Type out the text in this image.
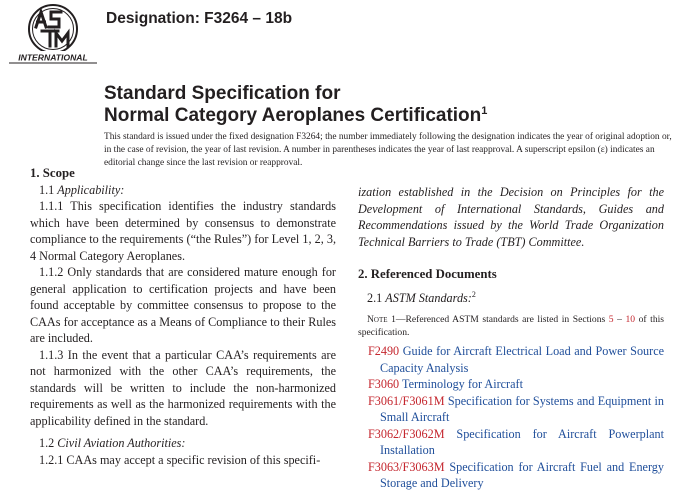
INTERNATIONAL
Designation: F3264 – 18b
Standard Specification for
Normal Category Aeroplanes Certification$^1$
This standard is issued under the fixed designation F3264; the number immediately following the designation indicates the year of original adoption or, in the case of revision, the year of last revision. A number in parentheses indicates the year of last reapproval. A superscript epsilon (ε) indicates an editorial change since the last revision or reapproval.

1. Scope

1.1 Applicability:

1.1.1 This specification identifies the industry standards which have been determined by consensus to demonstrate compliance to the requirements (“the Rules”) for Level 1, 2, 3, 4 Normal Category Aeroplanes.

1.1.2 Only standards that are considered mature enough for general application to certification projects and have been found acceptable by committee consensus to propose to the CAAs for acceptance as a Means of Compliance to their Rules are included.

1.1.3 In the event that a particular CAA’s requirements are not harmonized with the other CAA’s requirements, the standards will be written to include the non-harmonized requirements as well as the harmonized requirements with the applicability defined in the standard.

1.2 Civil Aviation Authorities:

1.2.1 CAAs may accept a specific revision of this specifi-

ization established in the Decision on Principles for the Development of International Standards, Guides and Recommendations issued by the World Trade Organization Technical Barriers to Trade (TBT) Committee.

2. Referenced Documents

2.1 ASTM Standards:$^2$

Note 1—Referenced ASTM standards are listed in Sections 5 – 10 of this specification.

F2490 Guide for Aircraft Electrical Load and Power Source Capacity Analysis

F3060 Terminology for Aircraft

F3061/F3061M Specification for Systems and Equipment in Small Aircraft

F3062/F3062M Specification for Aircraft Powerplant Installation

F3063/F3063M Specification for Aircraft Fuel and Energy Storage and Delivery
